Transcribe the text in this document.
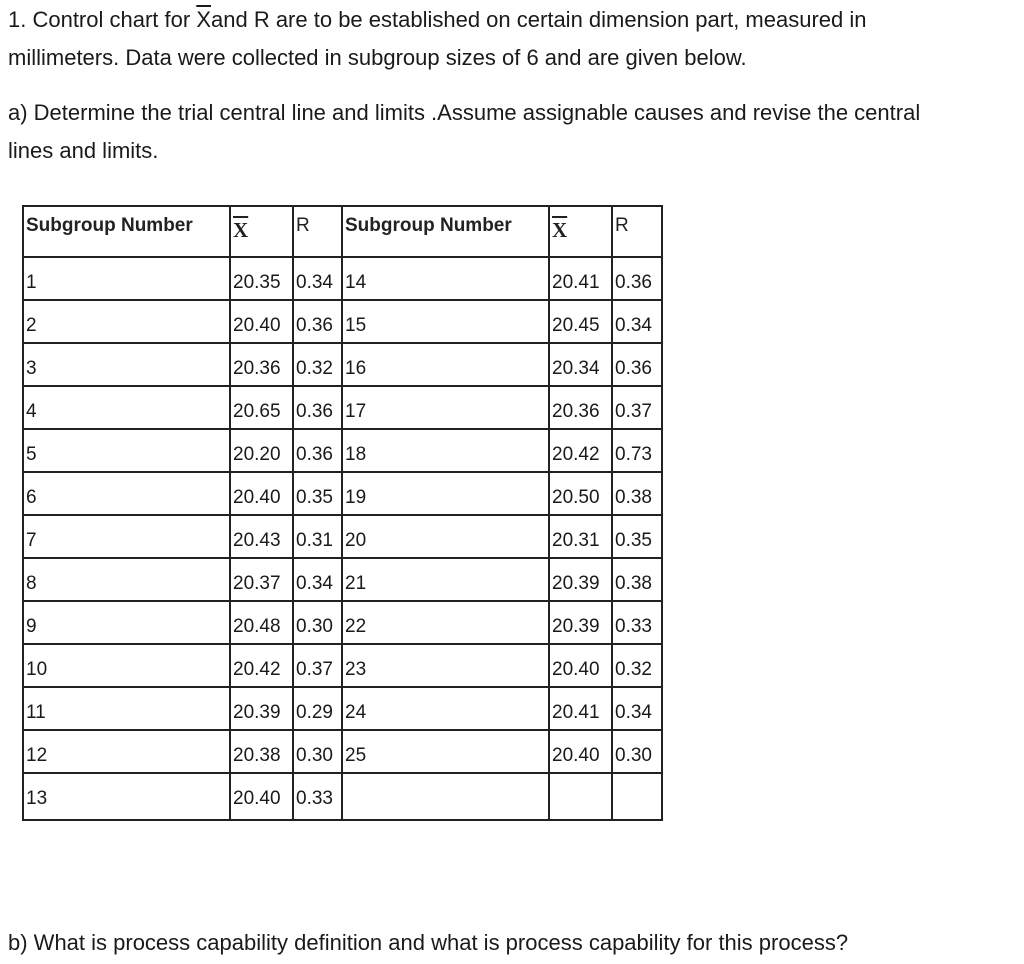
1. Control chart for $\overline{X}and$ R are to be established on certain dimension part, measured in

millimeters. Data were collected in subgroup sizes of 6 and are given below.

a) Determine the trial central line and limits .Assume assignable causes and revise the central

lines and limits.

Subgroup Number	$\overline{X}$	R	Subgroup Number	$\overline{X}$	R
1	20.35	0.34	14	20.41	0.36
2	20.40	0.36	15	20.45	0.34
3	20.36	0.32	16	20.34	0.36
4	20.65	0.36	17	20.36	0.37
5	20.20	0.36	18	20.42	0.73
6	20.40	0.35	19	20.50	0.38
7	20.43	0.31	20	20.31	0.35
8	20.37	0.34	21	20.39	0.38
9	20.48	0.30	22	20.39	0.33
10	20.42	0.37	23	20.40	0.32
11	20.39	0.29	24	20.41	0.34
12	20.38	0.30	25	20.40	0.30
13	20.40	0.33			

b) What is process capability definition and what is process capability for this process?
